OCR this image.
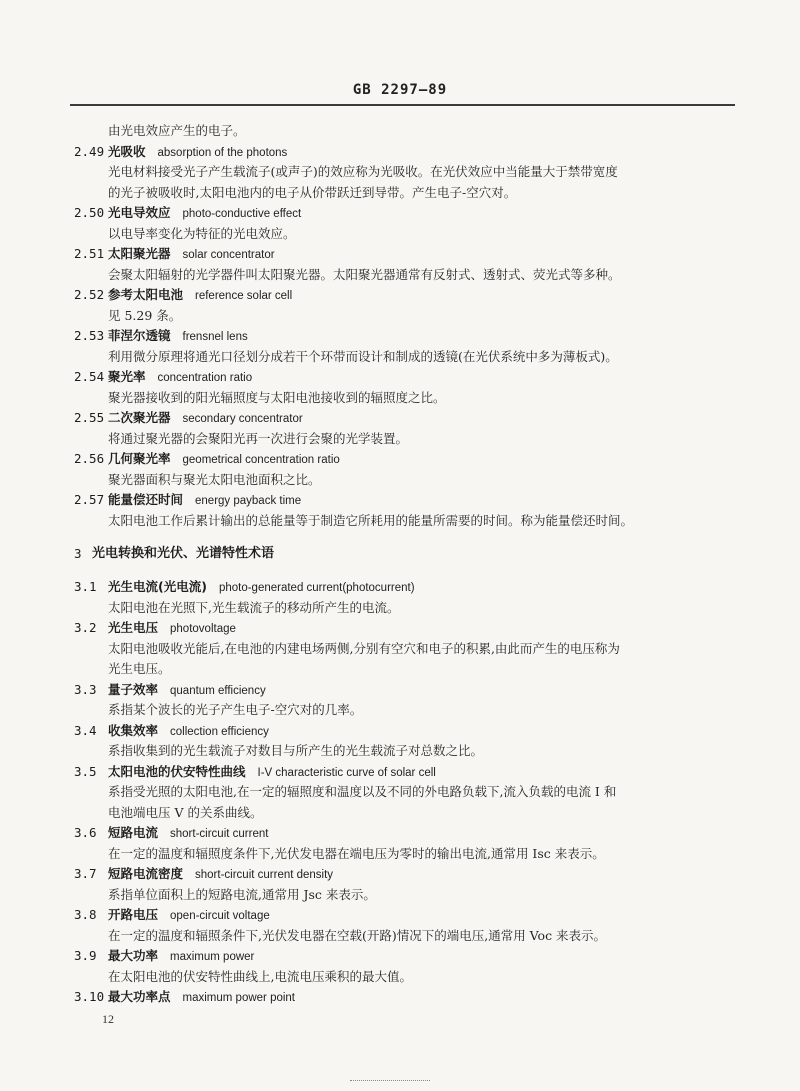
GB 2297—89
由光电效应产生的电子。
2.49 光吸收 absorption of the photons
光电材料接受光子产生载流子(或声子)的效应称为光吸收。在光伏效应中当能量大于禁带宽度
的光子被吸收时,太阳电池内的电子从价带跃迁到导带。产生电子-空穴对。
2.50 光电导效应 photo-conductive effect
以电导率变化为特征的光电效应。
2.51 太阳聚光器 solar concentrator
会聚太阳辐射的光学器件叫太阳聚光器。太阳聚光器通常有反射式、透射式、荧光式等多种。
2.52 参考太阳电池 reference solar cell
见 5.29 条。
2.53 菲涅尔透镜 frensnel lens
利用微分原理将通光口径划分成若干个环带而设计和制成的透镜(在光伏系统中多为薄板式)。
2.54 聚光率 concentration ratio
聚光器接收到的阳光辐照度与太阳电池接收到的辐照度之比。
2.55 二次聚光器 secondary concentrator
将通过聚光器的会聚阳光再一次进行会聚的光学装置。
2.56 几何聚光率 geometrical concentration ratio
聚光器面积与聚光太阳电池面积之比。
2.57 能量偿还时间 energy payback time
太阳电池工作后累计输出的总能量等于制造它所耗用的能量所需要的时间。称为能量偿还时间。
3 光电转换和光伏、光谱特性术语
3.1 光生电流(光电流) photo-generated current(photocurrent)
太阳电池在光照下,光生载流子的移动所产生的电流。
3.2 光生电压 photovoltage
太阳电池吸收光能后,在电池的内建电场两侧,分别有空穴和电子的积累,由此而产生的电压称为
光生电压。
3.3 量子效率 quantum efficiency
系指某个波长的光子产生电子-空穴对的几率。
3.4 收集效率 collection efficiency
系指收集到的光生载流子对数目与所产生的光生载流子对总数之比。
3.5 太阳电池的伏安特性曲线 I-V characteristic curve of solar cell
系指受光照的太阳电池,在一定的辐照度和温度以及不同的外电路负载下,流入负载的电流 I 和
电池端电压 V 的关系曲线。
3.6 短路电流 short-circuit current
在一定的温度和辐照度条件下,光伏发电器在端电压为零时的输出电流,通常用 Isc 来表示。
3.7 短路电流密度 short-circuit current density
系指单位面积上的短路电流,通常用 Jsc 来表示。
3.8 开路电压 open-circuit voltage
在一定的温度和辐照条件下,光伏发电器在空载(开路)情况下的端电压,通常用 Voc 来表示。
3.9 最大功率 maximum power
在太阳电池的伏安特性曲线上,电流电压乘积的最大值。
3.10 最大功率点 maximum power point
12
